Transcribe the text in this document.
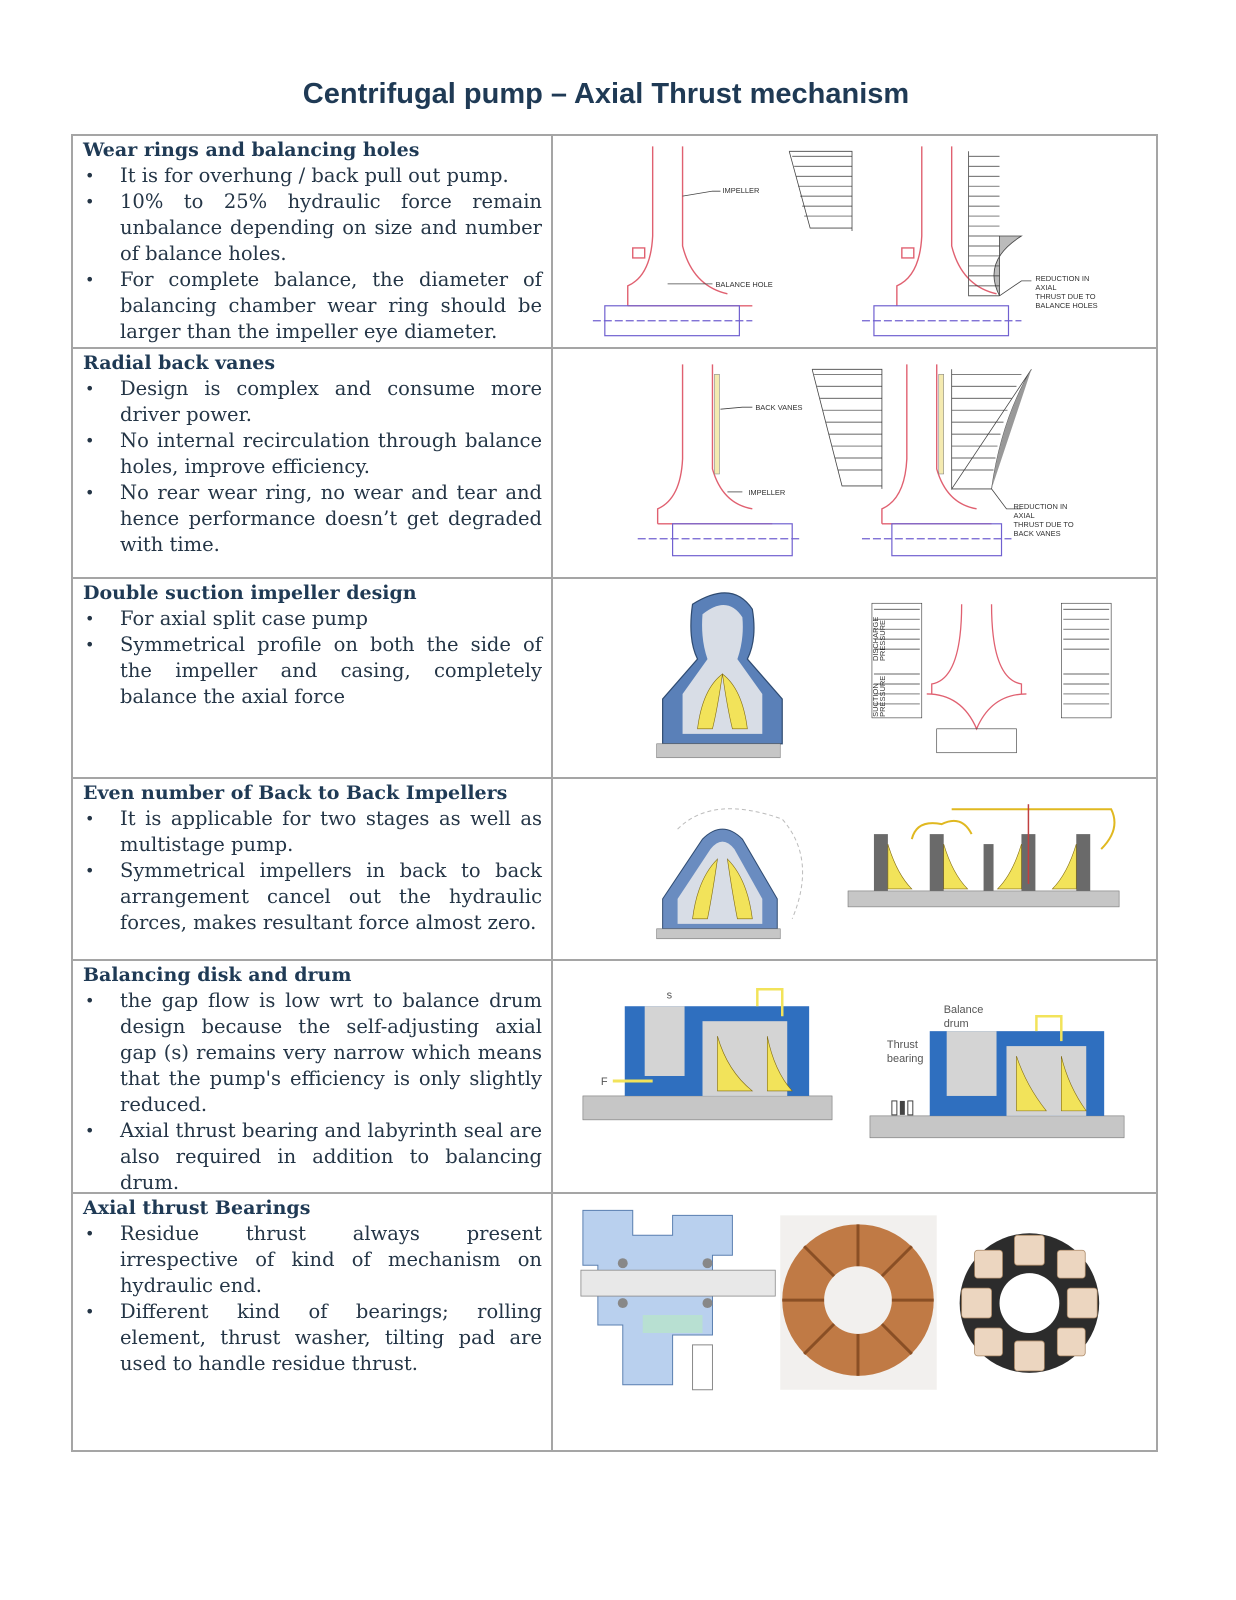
Centrifugal pump – Axial Thrust mechanism

Wear rings and balancing holes

• It is for overhung / back pull out pump.
• 10% to 25% hydraulic force remain unbalance depending on size and number of balance holes.
• For complete balance, the diameter of balancing chamber wear ring should be larger than the impeller eye diameter.
IMPELLER
BALANCE HOLE
REDUCTION IN
AXIAL
THRUST DUE TO
BALANCE HOLES

Radial back vanes

• Design is complex and consume more driver power.
• No internal recirculation through balance holes, improve efficiency.
• No rear wear ring, no wear and tear and hence performance doesn’t get degraded with time.
BACK VANES
IMPELLER
REDUCTION IN
AXIAL
THRUST DUE TO
BACK VANES

Double suction impeller design

• For axial split case pump
• Symmetrical profile on both the side of the impeller and casing, completely balance the axial force
DISCHARGE
PRESSURE
SUCTION
PRESSURE

Even number of Back to Back Impellers

• It is applicable for two stages as well as multistage pump.
• Symmetrical impellers in back to back arrangement cancel out the hydraulic forces, makes resultant force almost zero.

Balancing disk and drum

• the gap flow is low wrt to balance drum design because the self-adjusting axial gap (s) remains very narrow which means that the pump's efficiency is only slightly reduced.
• Axial thrust bearing and labyrinth seal are also required in addition to balancing drum.
Balance
drum
Thrust
bearing
s
F

Axial thrust Bearings

• Residue thrust always present irrespective of kind of mechanism on hydraulic end.
• Different kind of bearings; rolling element, thrust washer, tilting pad are used to handle residue thrust.
